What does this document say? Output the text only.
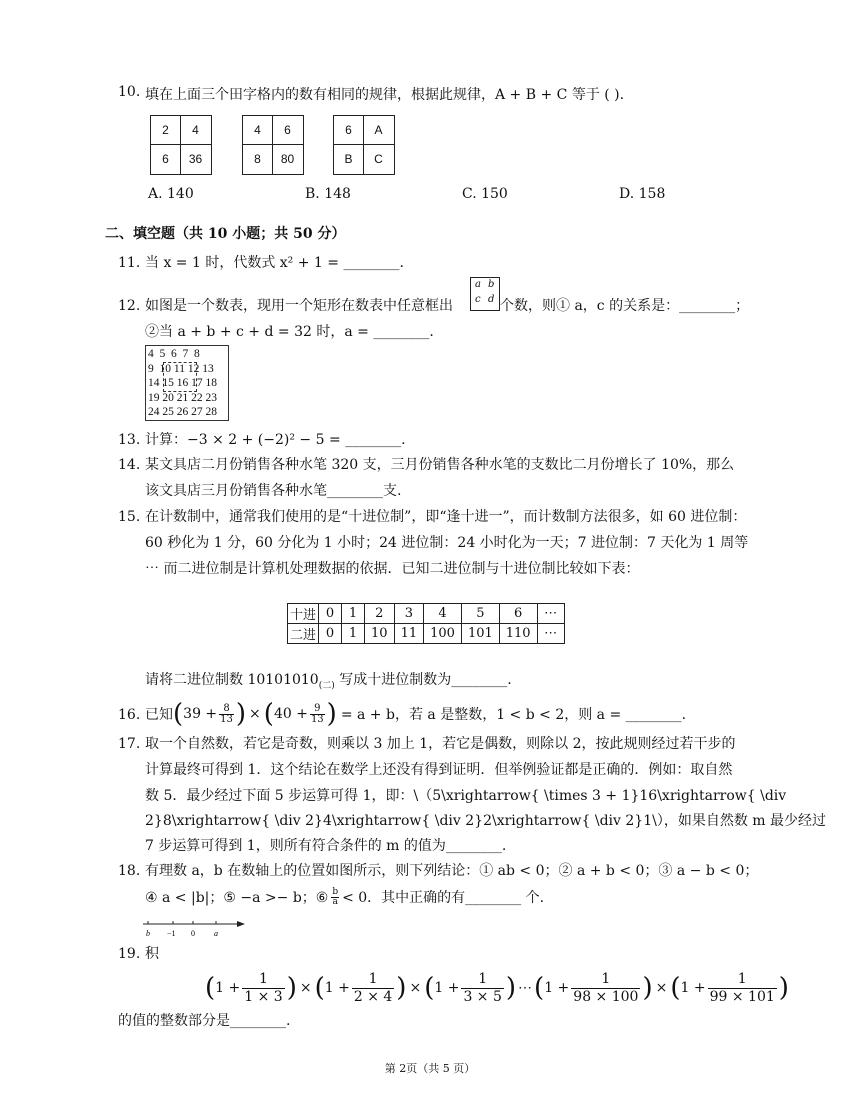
10. 填在上面三个田字格内的数有相同的规律，根据此规律，A + B + C 等于 ( ).
2	4
6	36
4	6
8	80
6	A
B	C
A. 140	B. 148	C. 150	D. 158
二、填空题（共 10 小题；共 50 分）
11. 当 x = 1 时，代数式 x² + 1 = ________.
12. 如图是一个数表，现用一个矩形在数表中任意框出
a b
c d 个数，则① a，c 的关系是：________；
②当 a + b + c + d = 32 时，a = ________.
4  5  6  7  8
9  10 11 12 13
14 15 16 17 18
19 20 21 22 23
24 25 26 27 28
13. 计算：−3 × 2 + (−2)² − 5 = ________.
14. 某文具店二月份销售各种水笔 320 支，三月份销售各种水笔的支数比二月份增长了 10%，那么
该文具店三月份销售各种水笔________支.
15. 在计数制中，通常我们使用的是“十进位制”，即“逢十进一”，而计数制方法很多，如 60 进位制：
60 秒化为 1 分，60 分化为 1 小时；24 进位制：24 小时化为一天；7 进位制：7 天化为 1 周等
⋯ 而二进位制是计算机处理数据的依据．已知二进位制与十进位制比较如下表：
十进	0	1	2	3	4	5	6	⋯
二进	0	1	10	11	100	101	110	⋯
请将二进位制数 $10101010_{(二)}$ 写成十进位制数为________.
16. 已知 ( $39 + \frac{8}{13}$ ) × ( $40 + \frac{9}{13}$ ) = a + b，若 a 是整数，1 < b < 2，则 a = ________.
17. 取一个自然数，若它是奇数，则乘以 3 加上 1，若它是偶数，则除以 2，按此规则经过若干步的
计算最终可得到 1．这个结论在数学上还没有得到证明．但举例验证都是正确的．例如：取自然
数 5．最少经过下面 5 步运算可得 1，即：\（5\xrightarrow{ \times 3 + 1}16\xrightarrow{ \div
2}8\xrightarrow{ \div 2}4\xrightarrow{ \div 2}2\xrightarrow{ \div 2}1\），如果自然数 m 最少经过
7 步运算可得到 1，则所有符合条件的 m 的值为________.
18. 有理数 a，b 在数轴上的位置如图所示，则下列结论：① ab < 0；② a + b < 0；③ a − b < 0；
④ a < |b|；⑤ −a >− b；⑥ $\frac{b}{a} < 0$．其中正确的有________ 个.
b −1 0 a
19. 积
( $1 + \frac{1}{1 \times 3}$ ) × ( $1 + \frac{1}{2 \times 4}$ ) × ( $1 + \frac{1}{3 \times 5}$ ) ⋯ ( $1 + \frac{1}{98 \times 100}$ ) × ( $1 + \frac{1}{99 \times 101}$ )
的值的整数部分是________.
第 2页（共 5 页）
